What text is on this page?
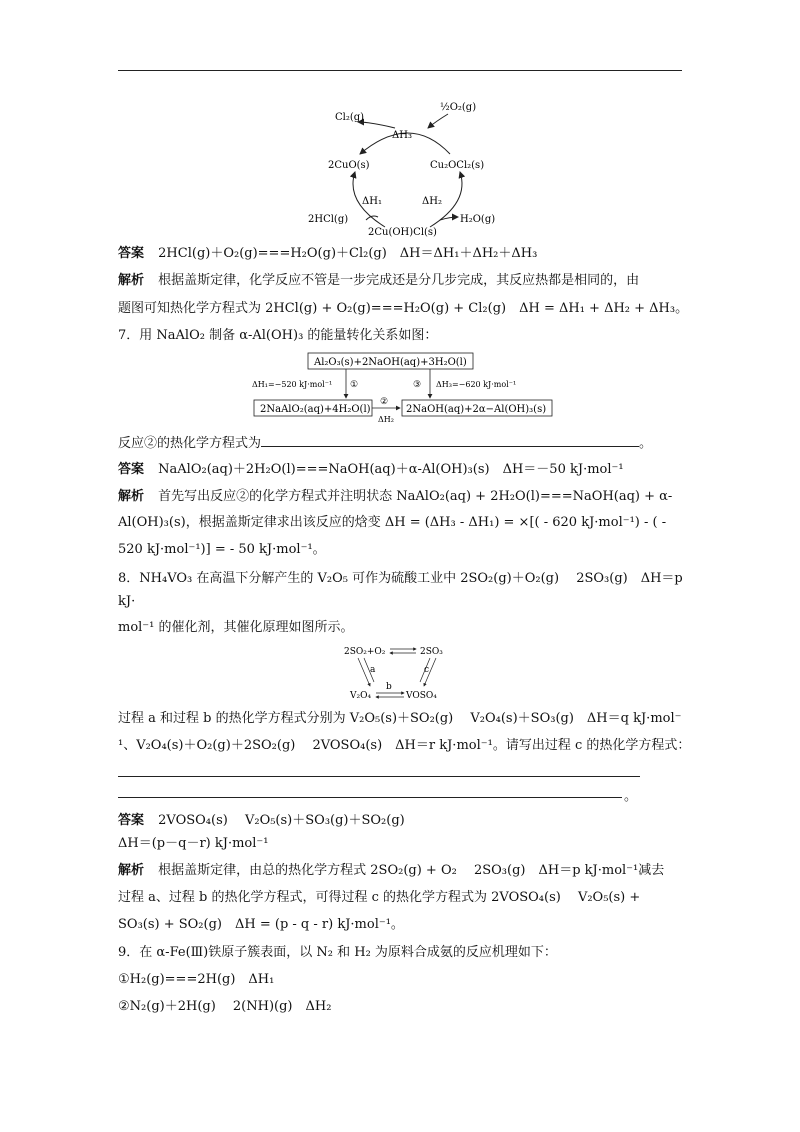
Cl₂(g)
½O₂(g)
ΔH₃
2CuO(s)	Cu₂OCl₂(s)
ΔH₁	ΔH₂
2HCl(g)	H₂O(g)
2Cu(OH)Cl(s)
答案 2HCl(g)＋O₂(g)===H₂O(g)＋Cl₂(g)　ΔH＝ΔH₁＋ΔH₂＋ΔH₃
解析 根据盖斯定律，化学反应不管是一步完成还是分几步完成，其反应热都是相同的，由
题图可知热化学方程式为 2HCl(g) + O₂(g)===H₂O(g) + Cl₂(g)　ΔH = ΔH₁ + ΔH₂ + ΔH₃。
7．用 NaAlO₂ 制备 α-Al(OH)₃ 的能量转化关系如图：
Al₂O₃(s)+2NaOH(aq)+3H₂O(l)
ΔH₁=−520 kJ·mol⁻¹ ①	③ ΔH₃=−620 kJ·mol⁻¹
2NaAlO₂(aq)+4H₂O(l)
②
ΔH₂
2NaOH(aq)+2α−Al(OH)₃(s)
反应②的热化学方程式为	。
答案 NaAlO₂(aq)＋2H₂O(l)===NaOH(aq)＋α-Al(OH)₃(s)　ΔH＝－50 kJ·mol⁻¹
解析 首先写出反应②的化学方程式并注明状态 NaAlO₂(aq) + 2H₂O(l)===NaOH(aq) + α-
Al(OH)₃(s)，根据盖斯定律求出该反应的焓变 ΔH = (ΔH₃ - ΔH₁) = ×[( - 620 kJ·mol⁻¹) - ( -
520 kJ·mol⁻¹)] = - 50 kJ·mol⁻¹。
8．NH₄VO₃ 在高温下分解产生的 V₂O₅ 可作为硫酸工业中 2SO₂(g)＋O₂(g)　 2SO₃(g)　ΔH＝p
kJ·
mol⁻¹ 的催化剂，其催化原理如图所示。
2SO₂+O₂	2SO₃
a	c
V₂O₄
b
VOSO₄
过程 a 和过程 b 的热化学方程式分别为 V₂O₅(s)＋SO₂(g)　 V₂O₄(s)＋SO₃(g)　ΔH＝q kJ·mol⁻
¹、V₂O₄(s)＋O₂(g)＋2SO₂(g)　 2VOSO₄(s)　ΔH＝r kJ·mol⁻¹。请写出过程 c 的热化学方程式：
。
答案 2VOSO₄(s)　 V₂O₅(s)＋SO₃(g)＋SO₂(g)
ΔH＝(p－q－r) kJ·mol⁻¹
解析 根据盖斯定律，由总的热化学方程式 2SO₂(g) + O₂　 2SO₃(g)　ΔH＝p kJ·mol⁻¹减去
过程 a、过程 b 的热化学方程式，可得过程 c 的热化学方程式为 2VOSO₄(s)　 V₂O₅(s) +
SO₃(s) + SO₂(g)　ΔH = (p - q - r) kJ·mol⁻¹。
9．在 α-Fe(Ⅲ)铁原子簇表面，以 N₂ 和 H₂ 为原料合成氨的反应机理如下：
①H₂(g)===2H(g)　ΔH₁
②N₂(g)＋2H(g)　 2(NH)(g)　ΔH₂
